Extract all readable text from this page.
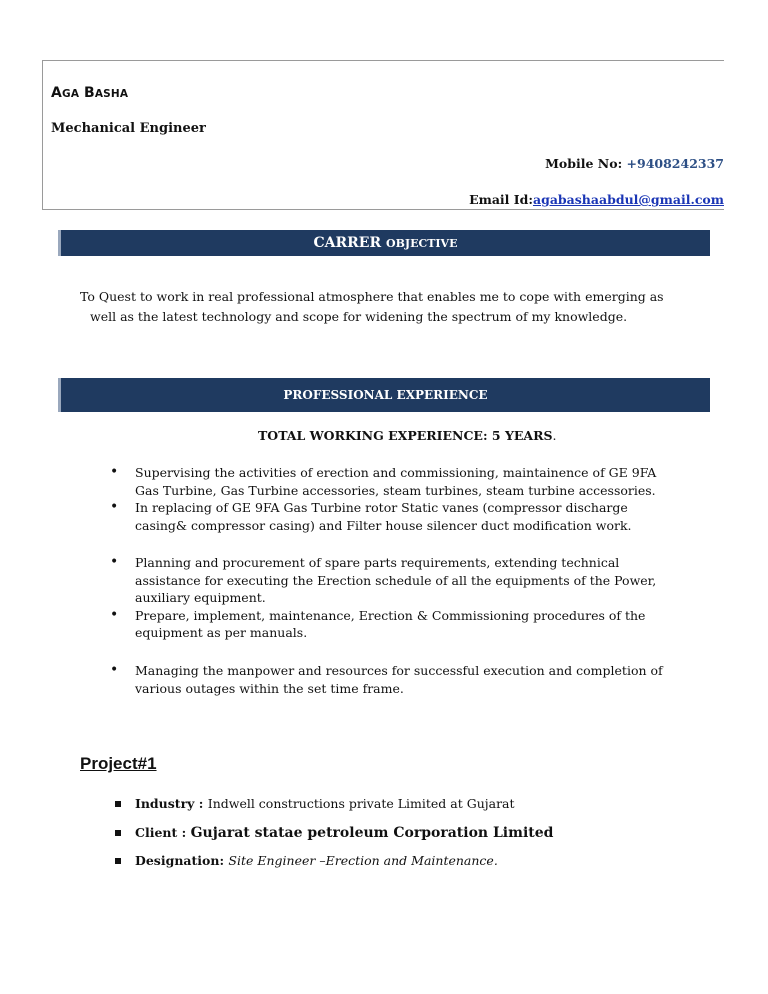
AGA BASHA
Mechanical Engineer
Mobile No: +9408242337
Email Id:agabashaabdul@gmail.com
CARRER OBJECTIVE
To Quest to work in real professional atmosphere that enables me to cope with emerging as
well as the latest technology and scope for widening the spectrum of my knowledge.
PROFESSIONAL EXPERIENCE
TOTAL WORKING EXPERIENCE: 5 YEARS.
• Supervising the activities of erection and commissioning, maintainence of GE 9FA Gas Turbine, Gas Turbine accessories, steam turbines, steam turbine accessories.
• In replacing of GE 9FA Gas Turbine rotor Static vanes (compressor discharge casing& compressor casing) and Filter house silencer duct modification work.
• Planning and procurement of spare parts requirements, extending technical assistance for executing the Erection schedule of all the equipments of the Power, auxiliary equipment.
• Prepare, implement, maintenance, Erection & Commissioning procedures of the equipment as per manuals.
• Managing the manpower and resources for successful execution and completion of various outages within the set time frame.
Project#1
Industry : Indwell constructions private Limited at Gujarat
Client : Gujarat statae petroleum Corporation Limited
Designation: Site Engineer –Erection and Maintenance.
